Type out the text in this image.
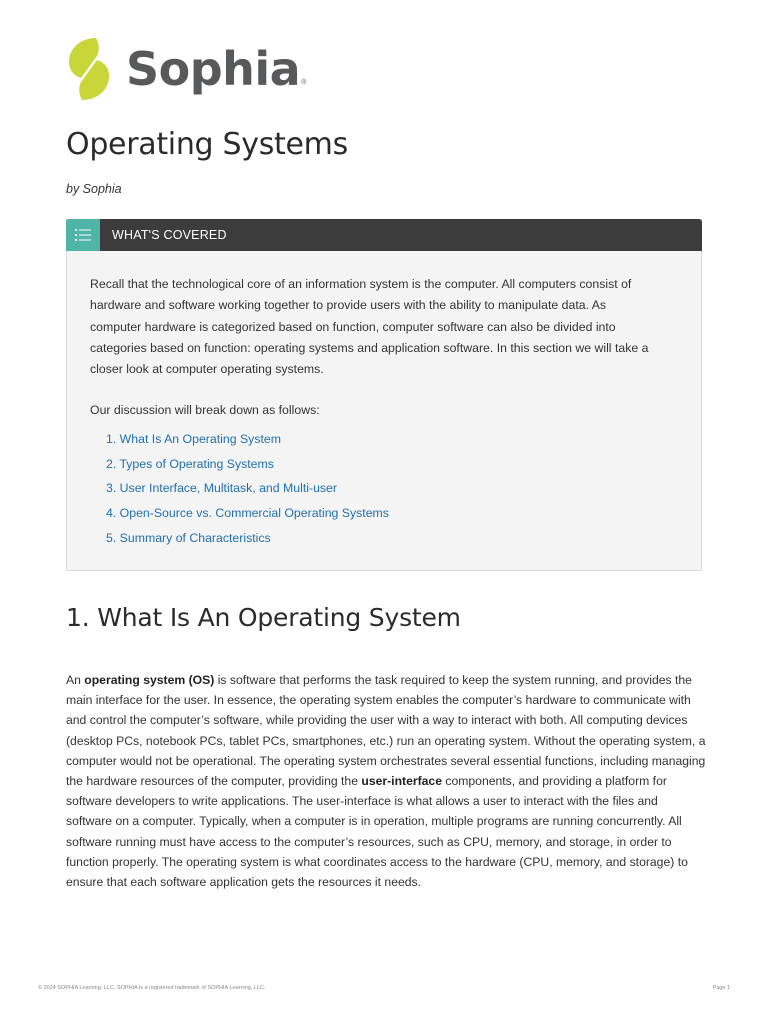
Sophia ®
Operating Systems
by Sophia
WHAT'S COVERED

Recall that the technological core of an information system is the computer. All computers consist of hardware and software working together to provide users with the ability to manipulate data. As computer hardware is categorized based on function, computer software can also be divided into categories based on function: operating systems and application software. In this section we will take a closer look at computer operating systems.

Our discussion will break down as follows:

1. What Is An Operating System
2. Types of Operating Systems
3. User Interface, Multitask, and Multi-user
4. Open-Source vs. Commercial Operating Systems
5. Summary of Characteristics
1. What Is An Operating System

An operating system (OS) is software that performs the task required to keep the system running, and provides the main interface for the user. In essence, the operating system enables the computer’s hardware to communicate with and control the computer’s software, while providing the user with a way to interact with both. All computing devices (desktop PCs, notebook PCs, tablet PCs, smartphones, etc.) run an operating system. Without the operating system, a computer would not be operational. The operating system orchestrates several essential functions, including managing the hardware resources of the computer, providing the user-interface components, and providing a platform for software developers to write applications. The user-interface is what allows a user to interact with the files and software on a computer. Typically, when a computer is in operation, multiple programs are running concurrently. All software running must have access to the computer’s resources, such as CPU, memory, and storage, in order to function properly. The operating system is what coordinates access to the hardware (CPU, memory, and storage) to ensure that each software application gets the resources it needs.

© 2024 SOPHIA Learning, LLC. SOPHIA is a registered trademark of SOPHIA Learning, LLC.	Page 1
